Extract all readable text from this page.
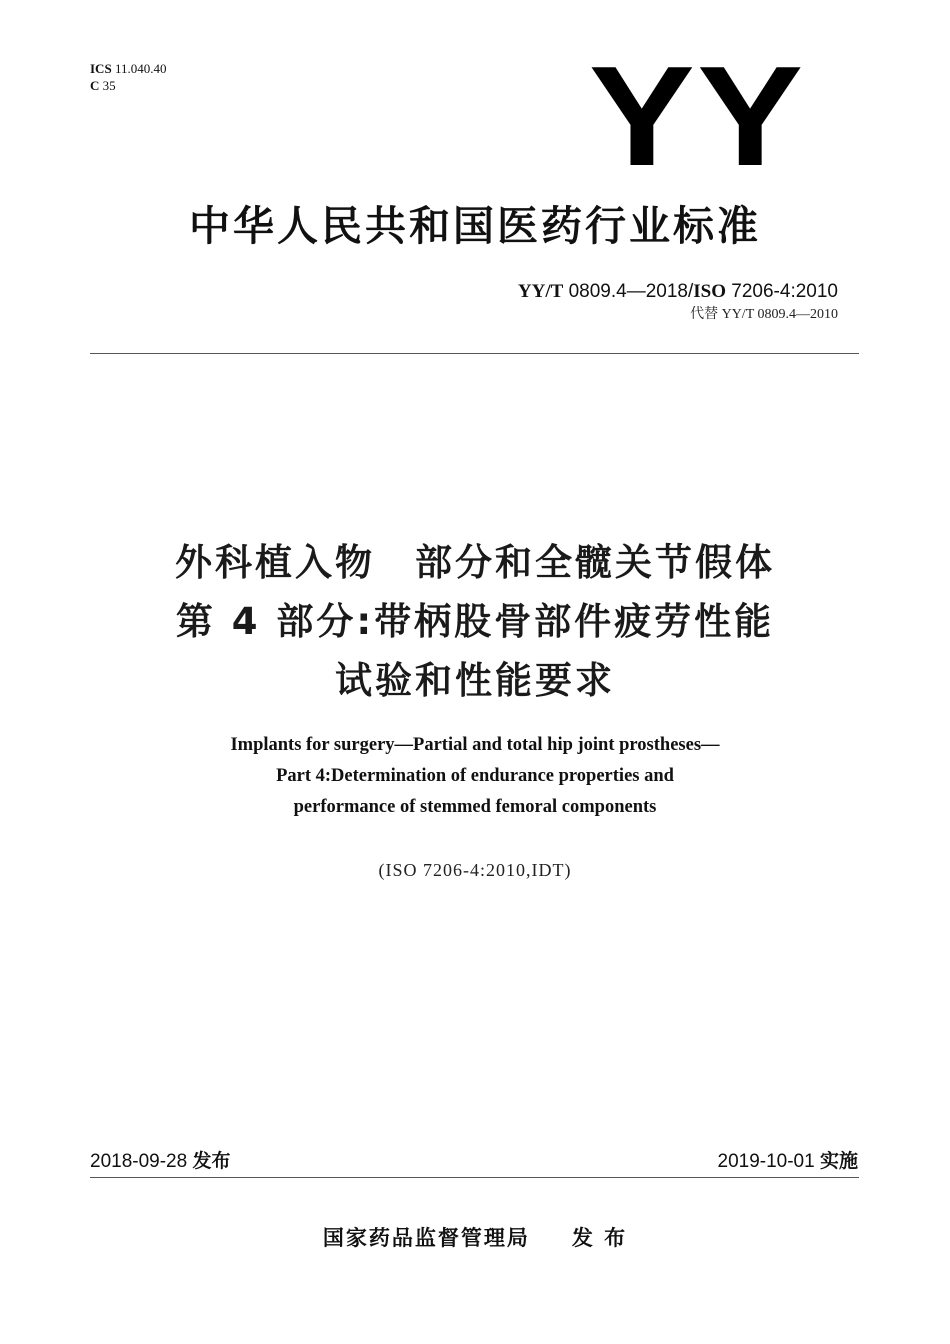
ICS 11.040.40
C 35	YY
中华人民共和国医药行业标准
YY/T 0809.4—2018/ISO 7206-4:2010
代替 YY/T 0809.4—2010
外科植入物　部分和全髋关节假体
第 4 部分:带柄股骨部件疲劳性能
试验和性能要求
Implants for surgery—Partial and total hip joint prostheses—
Part 4:Determination of endurance properties and
performance of stemmed femoral components
(ISO 7206-4:2010,IDT)
2018-09-28 发布	2019-10-01 实施
国家药品监督管理局 发 布
